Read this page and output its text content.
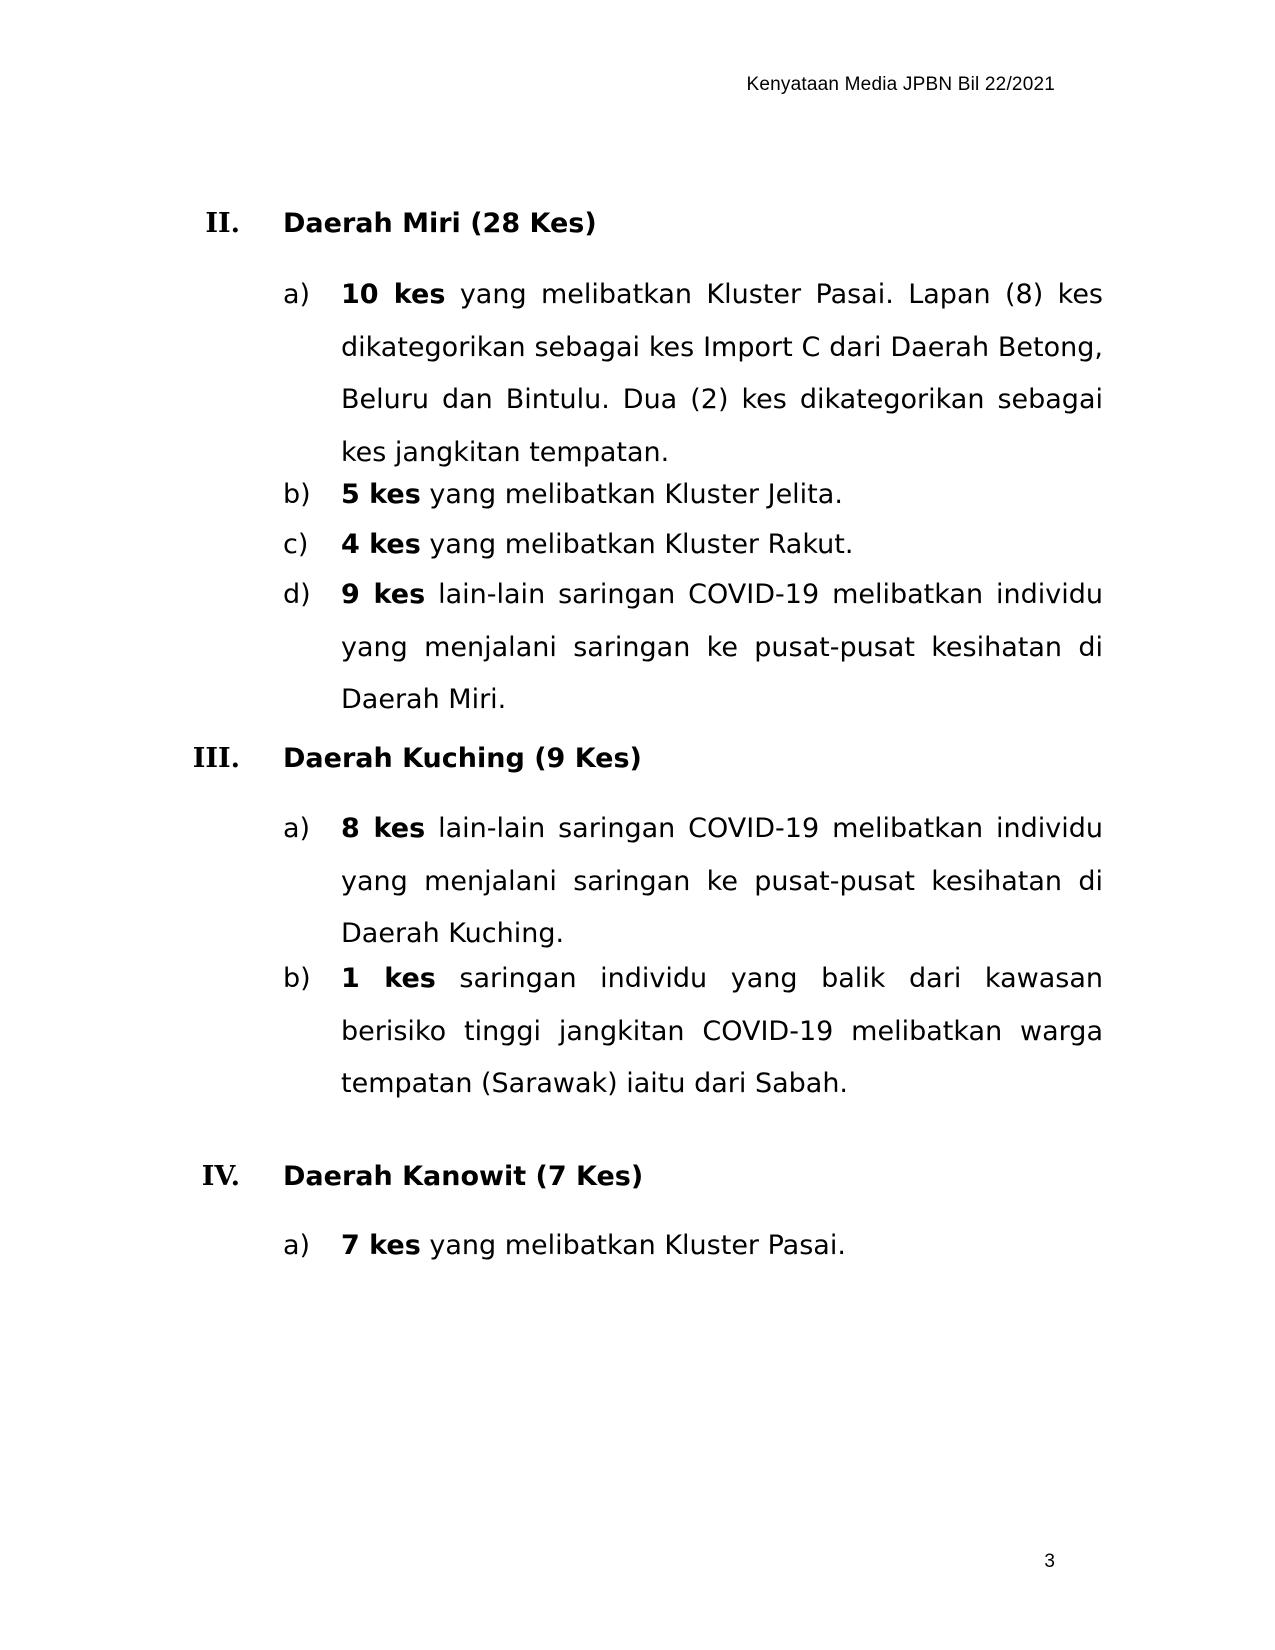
Kenyataan Media JPBN Bil 22/2021
II. Daerah Miri (28 Kes)
a) 10 kes yang melibatkan Kluster Pasai. Lapan (8) kes dikategorikan sebagai kes Import C dari Daerah Betong, Beluru dan Bintulu. Dua (2) kes dikategorikan sebagai kes jangkitan tempatan.
b) 5 kes yang melibatkan Kluster Jelita.
c) 4 kes yang melibatkan Kluster Rakut.
d) 9 kes lain-lain saringan COVID-19 melibatkan individu yang menjalani saringan ke pusat-pusat kesihatan di Daerah Miri.
III. Daerah Kuching (9 Kes)
a) 8 kes lain-lain saringan COVID-19 melibatkan individu yang menjalani saringan ke pusat-pusat kesihatan di Daerah Kuching.
b) 1 kes saringan individu yang balik dari kawasan berisiko tinggi jangkitan COVID-19 melibatkan warga tempatan (Sarawak) iaitu dari Sabah.
IV. Daerah Kanowit (7 Kes)
a) 7 kes yang melibatkan Kluster Pasai.
3
